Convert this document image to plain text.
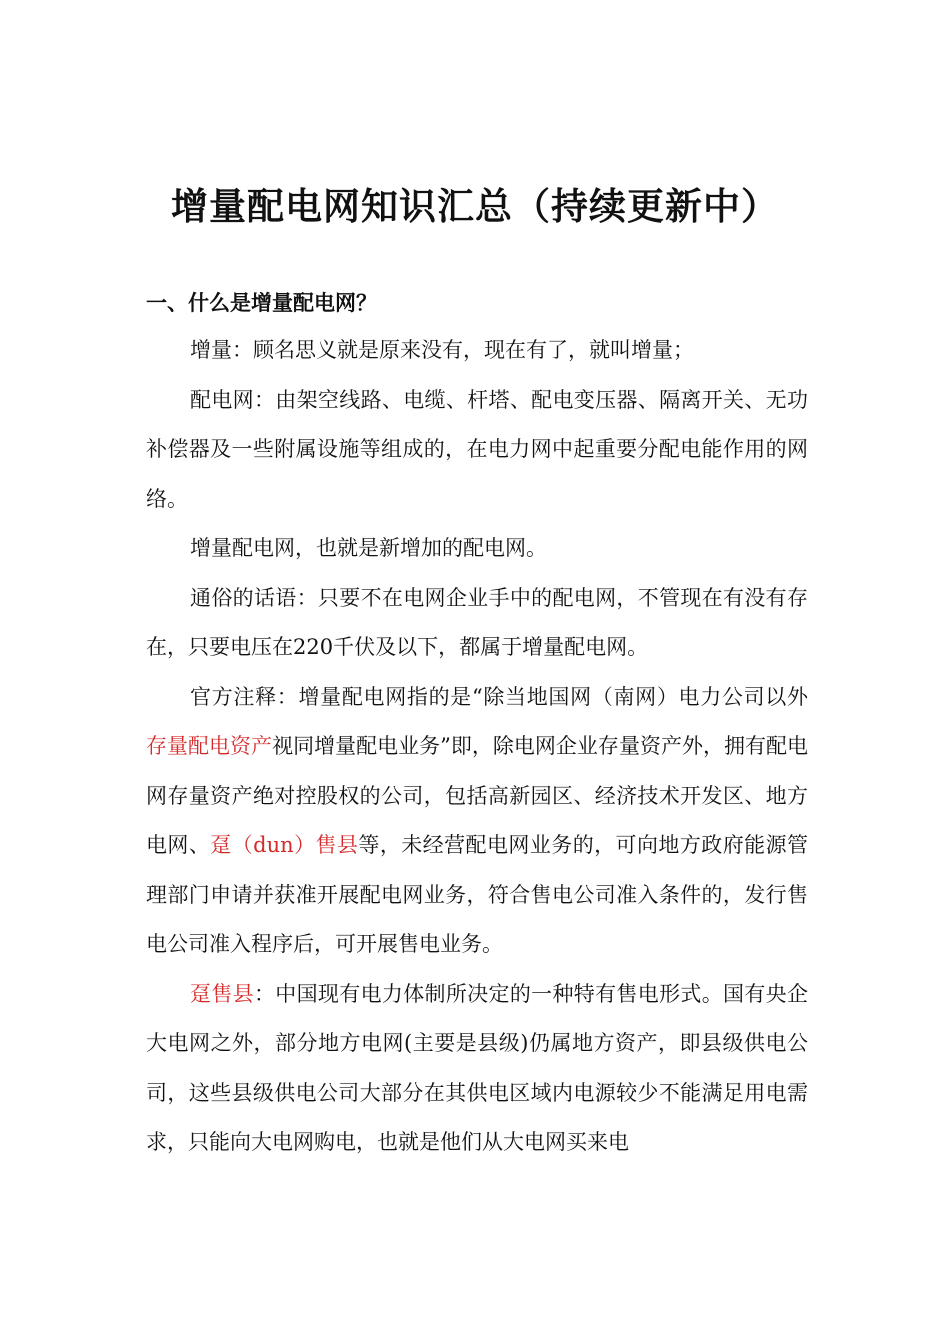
增量配电网知识汇总（持续更新中）
一、什么是增量配电网？

增量：顾名思义就是原来没有，现在有了，就叫增量；

配电网：由架空线路、电缆、杆塔、配电变压器、隔离开关、无功补偿器及一些附属设施等组成的，在电力网中起重要分配电能作用的网络。

增量配电网，也就是新增加的配电网。

通俗的话语：只要不在电网企业手中的配电网，不管现在有没有存在，只要电压在220千伏及以下，都属于增量配电网。

官方注释：增量配电网指的是“除当地国网（南网）电力公司以外存量配电资产视同增量配电业务”即，除电网企业存量资产外，拥有配电网存量资产绝对控股权的公司，包括高新园区、经济技术开发区、地方电网、趸（dun）售县等，未经营配电网业务的，可向地方政府能源管理部门申请并获准开展配电网业务，符合售电公司准入条件的，发行售电公司准入程序后，可开展售电业务。

趸售县：中国现有电力体制所决定的一种特有售电形式。国有央企大电网之外，部分地方电网(主要是县级)仍属地方资产，即县级供电公司，这些县级供电公司大部分在其供电区域内电源较少不能满足用电需求，只能向大电网购电，也就是他们从大电网买来电
